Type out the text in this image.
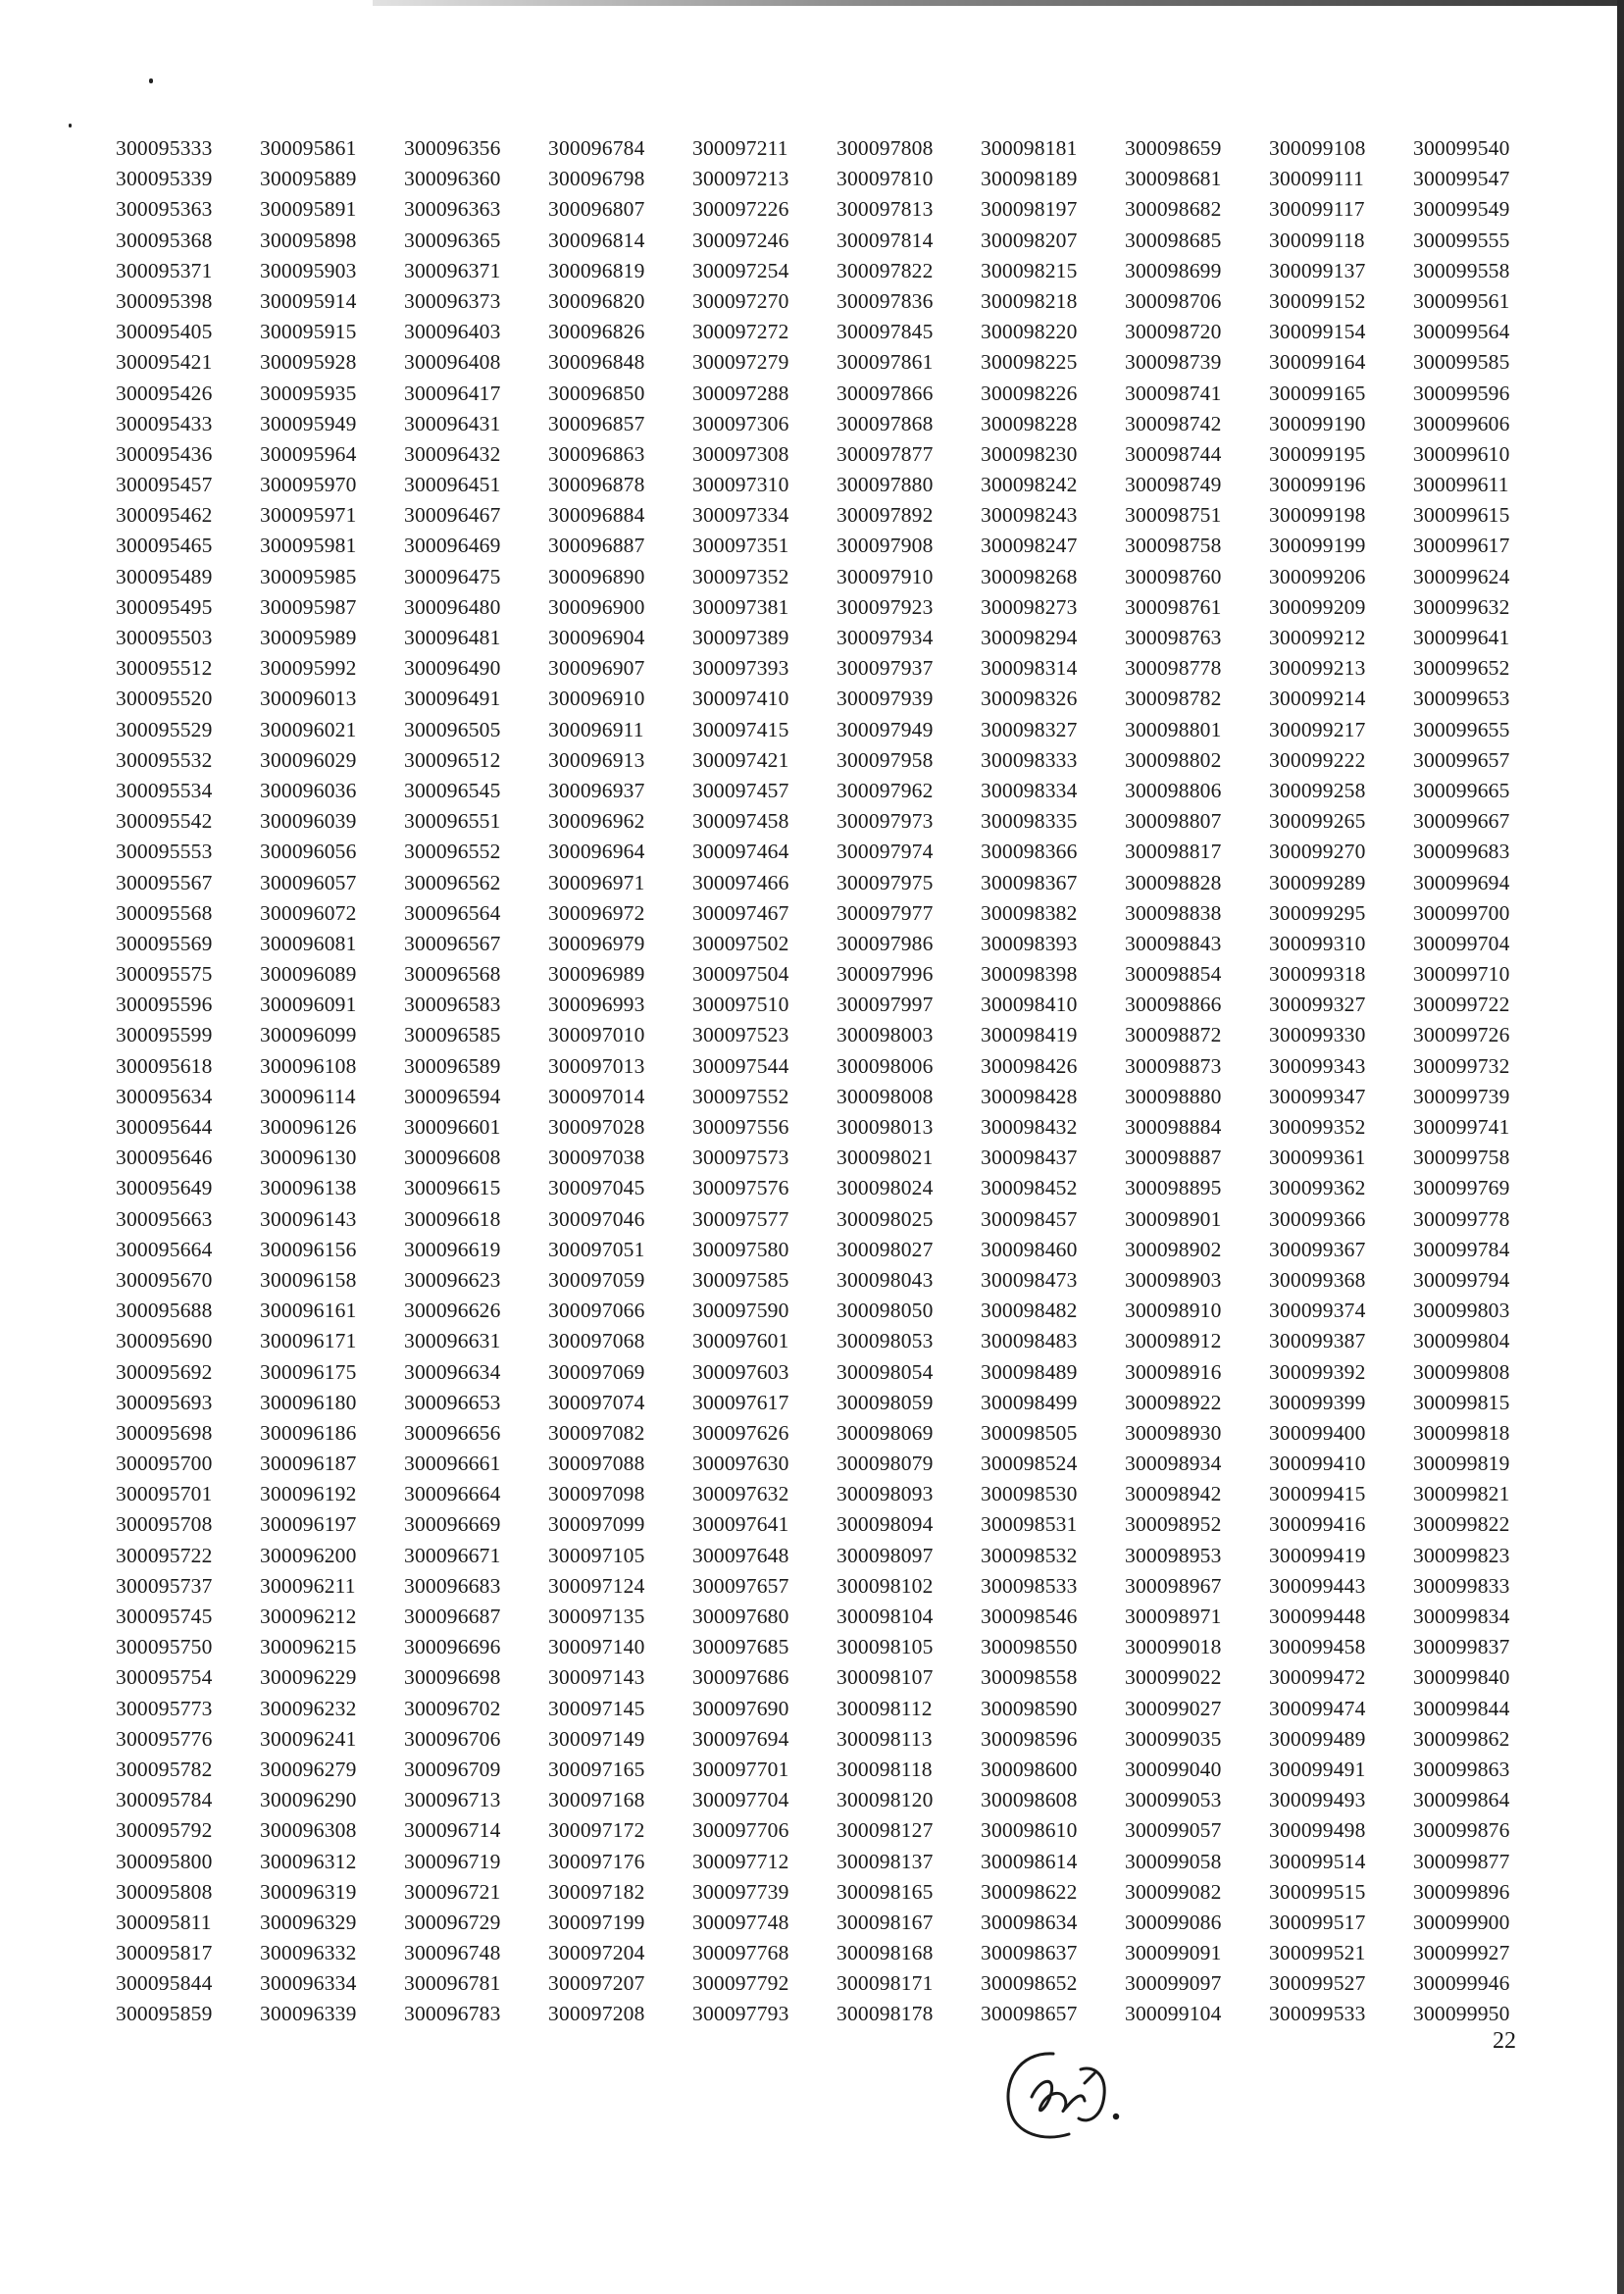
300095333
300095339
300095363
300095368
300095371
300095398
300095405
300095421
300095426
300095433
300095436
300095457
300095462
300095465
300095489
300095495
300095503
300095512
300095520
300095529
300095532
300095534
300095542
300095553
300095567
300095568
300095569
300095575
300095596
300095599
300095618
300095634
300095644
300095646
300095649
300095663
300095664
300095670
300095688
300095690
300095692
300095693
300095698
300095700
300095701
300095708
300095722
300095737
300095745
300095750
300095754
300095773
300095776
300095782
300095784
300095792
300095800
300095808
300095811
300095817
300095844
300095859
300095861
300095889
300095891
300095898
300095903
300095914
300095915
300095928
300095935
300095949
300095964
300095970
300095971
300095981
300095985
300095987
300095989
300095992
300096013
300096021
300096029
300096036
300096039
300096056
300096057
300096072
300096081
300096089
300096091
300096099
300096108
300096114
300096126
300096130
300096138
300096143
300096156
300096158
300096161
300096171
300096175
300096180
300096186
300096187
300096192
300096197
300096200
300096211
300096212
300096215
300096229
300096232
300096241
300096279
300096290
300096308
300096312
300096319
300096329
300096332
300096334
300096339
300096356
300096360
300096363
300096365
300096371
300096373
300096403
300096408
300096417
300096431
300096432
300096451
300096467
300096469
300096475
300096480
300096481
300096490
300096491
300096505
300096512
300096545
300096551
300096552
300096562
300096564
300096567
300096568
300096583
300096585
300096589
300096594
300096601
300096608
300096615
300096618
300096619
300096623
300096626
300096631
300096634
300096653
300096656
300096661
300096664
300096669
300096671
300096683
300096687
300096696
300096698
300096702
300096706
300096709
300096713
300096714
300096719
300096721
300096729
300096748
300096781
300096783
300096784
300096798
300096807
300096814
300096819
300096820
300096826
300096848
300096850
300096857
300096863
300096878
300096884
300096887
300096890
300096900
300096904
300096907
300096910
300096911
300096913
300096937
300096962
300096964
300096971
300096972
300096979
300096989
300096993
300097010
300097013
300097014
300097028
300097038
300097045
300097046
300097051
300097059
300097066
300097068
300097069
300097074
300097082
300097088
300097098
300097099
300097105
300097124
300097135
300097140
300097143
300097145
300097149
300097165
300097168
300097172
300097176
300097182
300097199
300097204
300097207
300097208
300097211
300097213
300097226
300097246
300097254
300097270
300097272
300097279
300097288
300097306
300097308
300097310
300097334
300097351
300097352
300097381
300097389
300097393
300097410
300097415
300097421
300097457
300097458
300097464
300097466
300097467
300097502
300097504
300097510
300097523
300097544
300097552
300097556
300097573
300097576
300097577
300097580
300097585
300097590
300097601
300097603
300097617
300097626
300097630
300097632
300097641
300097648
300097657
300097680
300097685
300097686
300097690
300097694
300097701
300097704
300097706
300097712
300097739
300097748
300097768
300097792
300097793
300097808
300097810
300097813
300097814
300097822
300097836
300097845
300097861
300097866
300097868
300097877
300097880
300097892
300097908
300097910
300097923
300097934
300097937
300097939
300097949
300097958
300097962
300097973
300097974
300097975
300097977
300097986
300097996
300097997
300098003
300098006
300098008
300098013
300098021
300098024
300098025
300098027
300098043
300098050
300098053
300098054
300098059
300098069
300098079
300098093
300098094
300098097
300098102
300098104
300098105
300098107
300098112
300098113
300098118
300098120
300098127
300098137
300098165
300098167
300098168
300098171
300098178
300098181
300098189
300098197
300098207
300098215
300098218
300098220
300098225
300098226
300098228
300098230
300098242
300098243
300098247
300098268
300098273
300098294
300098314
300098326
300098327
300098333
300098334
300098335
300098366
300098367
300098382
300098393
300098398
300098410
300098419
300098426
300098428
300098432
300098437
300098452
300098457
300098460
300098473
300098482
300098483
300098489
300098499
300098505
300098524
300098530
300098531
300098532
300098533
300098546
300098550
300098558
300098590
300098596
300098600
300098608
300098610
300098614
300098622
300098634
300098637
300098652
300098657
300098659
300098681
300098682
300098685
300098699
300098706
300098720
300098739
300098741
300098742
300098744
300098749
300098751
300098758
300098760
300098761
300098763
300098778
300098782
300098801
300098802
300098806
300098807
300098817
300098828
300098838
300098843
300098854
300098866
300098872
300098873
300098880
300098884
300098887
300098895
300098901
300098902
300098903
300098910
300098912
300098916
300098922
300098930
300098934
300098942
300098952
300098953
300098967
300098971
300099018
300099022
300099027
300099035
300099040
300099053
300099057
300099058
300099082
300099086
300099091
300099097
300099104
300099108
300099111
300099117
300099118
300099137
300099152
300099154
300099164
300099165
300099190
300099195
300099196
300099198
300099199
300099206
300099209
300099212
300099213
300099214
300099217
300099222
300099258
300099265
300099270
300099289
300099295
300099310
300099318
300099327
300099330
300099343
300099347
300099352
300099361
300099362
300099366
300099367
300099368
300099374
300099387
300099392
300099399
300099400
300099410
300099415
300099416
300099419
300099443
300099448
300099458
300099472
300099474
300099489
300099491
300099493
300099498
300099514
300099515
300099517
300099521
300099527
300099533
300099540
300099547
300099549
300099555
300099558
300099561
300099564
300099585
300099596
300099606
300099610
300099611
300099615
300099617
300099624
300099632
300099641
300099652
300099653
300099655
300099657
300099665
300099667
300099683
300099694
300099700
300099704
300099710
300099722
300099726
300099732
300099739
300099741
300099758
300099769
300099778
300099784
300099794
300099803
300099804
300099808
300099815
300099818
300099819
300099821
300099822
300099823
300099833
300099834
300099837
300099840
300099844
300099862
300099863
300099864
300099876
300099877
300099896
300099900
300099927
300099946
300099950
22
